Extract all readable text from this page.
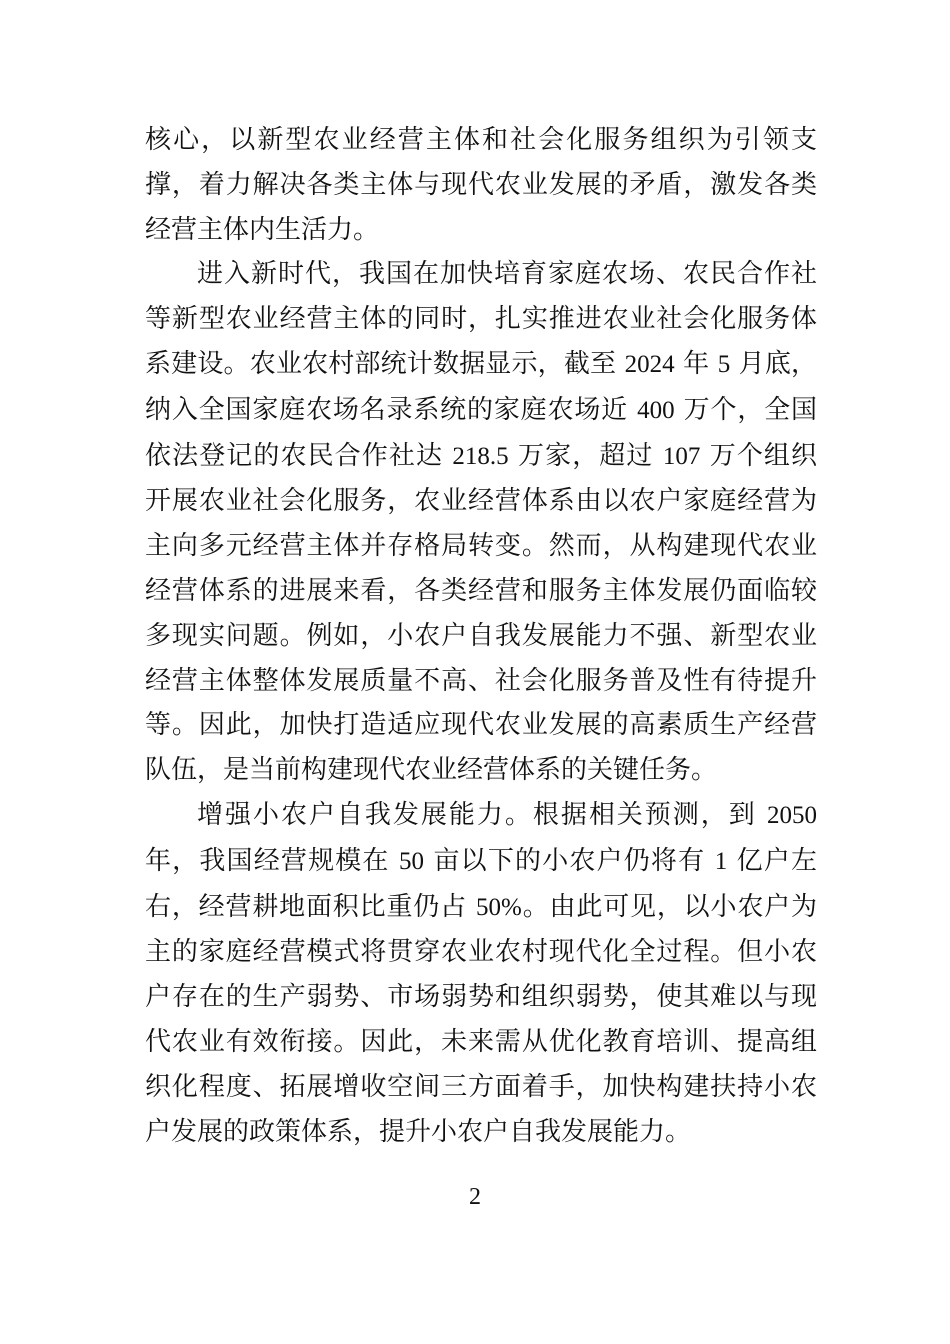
核心，以新型农业经营主体和社会化服务组织为引领支撑，着力解决各类主体与现代农业发展的矛盾，激发各类经营主体内生活力。

进入新时代，我国在加快培育家庭农场、农民合作社等新型农业经营主体的同时，扎实推进农业社会化服务体系建设。农业农村部统计数据显示，截至 2024 年 5 月底，纳入全国家庭农场名录系统的家庭农场近 400 万个，全国依法登记的农民合作社达 218.5 万家，超过 107 万个组织开展农业社会化服务，农业经营体系由以农户家庭经营为主向多元经营主体并存格局转变。然而，从构建现代农业经营体系的进展来看，各类经营和服务主体发展仍面临较多现实问题。例如，小农户自我发展能力不强、新型农业经营主体整体发展质量不高、社会化服务普及性有待提升等。因此，加快打造适应现代农业发展的高素质生产经营队伍，是当前构建现代农业经营体系的关键任务。

增强小农户自我发展能力。根据相关预测，到 2050 年，我国经营规模在 50 亩以下的小农户仍将有 1 亿户左右，经营耕地面积比重仍占 50%。由此可见，以小农户为主的家庭经营模式将贯穿农业农村现代化全过程。但小农户存在的生产弱势、市场弱势和组织弱势，使其难以与现代农业有效衔接。因此，未来需从优化教育培训、提高组织化程度、拓展增收空间三方面着手，加快构建扶持小农户发展的政策体系，提升小农户自我发展能力。

2
